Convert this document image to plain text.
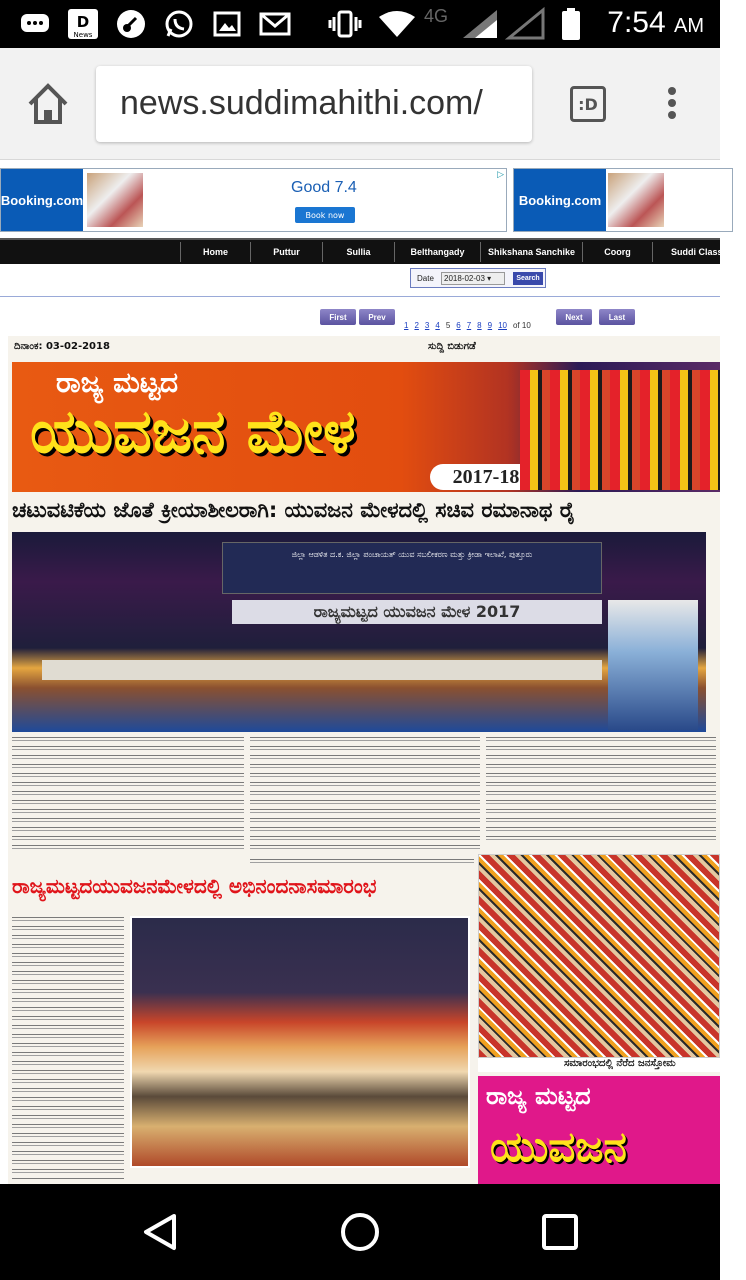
D
News
4G	7:54 AM
news.suddimahithi.com/	:D
Booking.com
Good 7.4
Book now
▷
Booking.com
Home	Puttur	Sullia	Belthangady	Shikshana Sanchike	Coorg	Suddi Classifieds
Date	2018-02-03 ▾	Search
First	Prev	Next	Last
1 2 3 4 5 6 7 8 9 10 of 10
ದಿನಾಂಕ: 03-02-2018	ಸುದ್ದಿ ಬಿಡುಗಡೆ
ರಾಜ್ಯ ಮಟ್ಟದ
ಯುವಜನ ಮೇಳ
2017-18
ಚಟುವಟಿಕೆಯ ಜೊತೆ ಕ್ರೀಯಾಶೀಲರಾಗಿ: ಯುವಜನ ಮೇಳದಲ್ಲಿ ಸಚಿವ ರಮಾನಾಥ ರೈ
ಜಿಲ್ಲಾ ಆಡಳಿತ ದ.ಕ. ಜಿಲ್ಲಾ ಪಂಚಾಯತ್ ಯುವ ಸಬಲೀಕರಣ ಮತ್ತು ಕ್ರೀಡಾ ಇಲಾಖೆ, ಪುತ್ತೂರು
ರಾಜ್ಯಮಟ್ಟದ ಯುವಜನ ಮೇಳ 2017

ರಾಜ್ಯಮಟ್ಟದಯುವಜನಮೇಳದಲ್ಲಿ ಅಭಿನಂದನಾಸಮಾರಂಭ

ಸಮಾರಂಭದಲ್ಲಿ ನೆರೆದ ಜನಸ್ತೋಮ
ರಾಜ್ಯ ಮಟ್ಟದ
ಯುವಜನ
